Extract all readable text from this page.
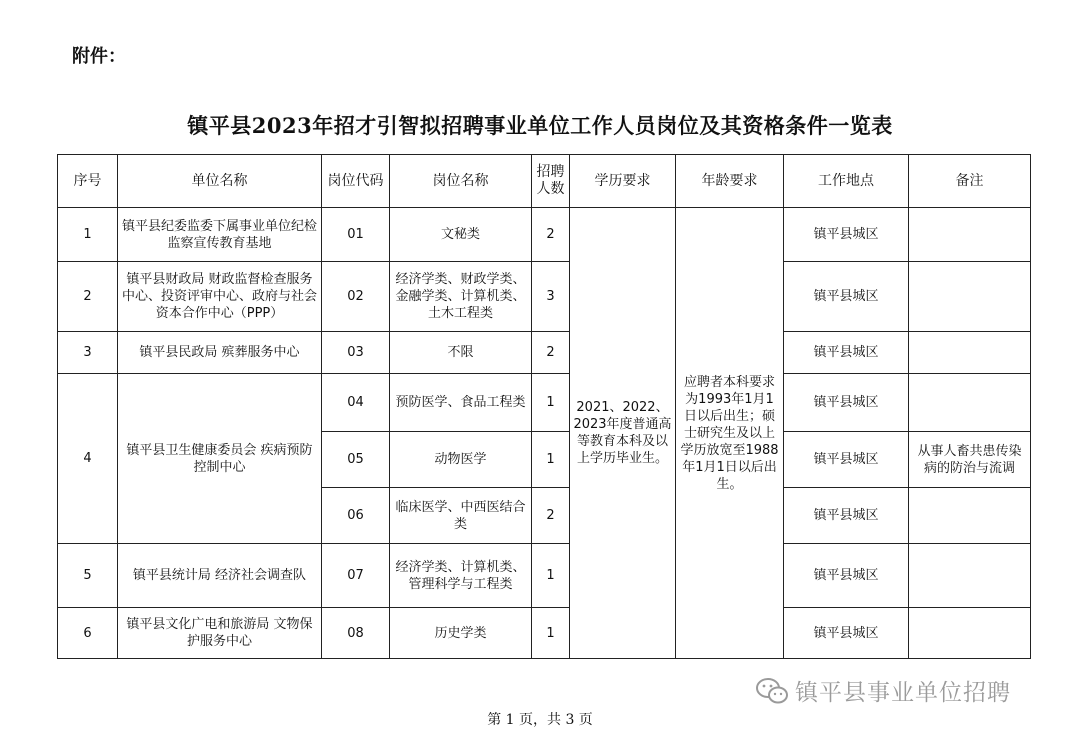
附件：
镇平县2023年招才引智拟招聘事业单位工作人员岗位及其资格条件一览表
序号	单位名称	岗位代码	岗位名称	招聘人数	学历要求	年龄要求	工作地点	备注
1	镇平县纪委监委下属事业单位纪检监察宣传教育基地	01	文秘类	2	2021、2022、2023年度普通高等教育本科及以上学历毕业生。	应聘者本科要求为1993年1月1日以后出生；硕士研究生及以上学历放宽至1988年1月1日以后出生。	镇平县城区	
2	镇平县财政局 财政监督检查服务中心、投资评审中心、政府与社会资本合作中心（PPP）	02	经济学类、财政学类、金融学类、计算机类、土木工程类	3			镇平县城区	
3	镇平县民政局 殡葬服务中心	03	不限	2			镇平县城区	
4	镇平县卫生健康委员会 疾病预防控制中心	04	预防医学、食品工程类	1			镇平县城区	
		05	动物医学	1			镇平县城区	从事人畜共患传染病的防治与流调
		06	临床医学、中西医结合类	2			镇平县城区	
5	镇平县统计局 经济社会调查队	07	经济学类、计算机类、管理科学与工程类	1			镇平县城区	
6	镇平县文化广电和旅游局 文物保护服务中心	08	历史学类	1			镇平县城区	
镇平县事业单位招聘
第 1 页，共 3 页
